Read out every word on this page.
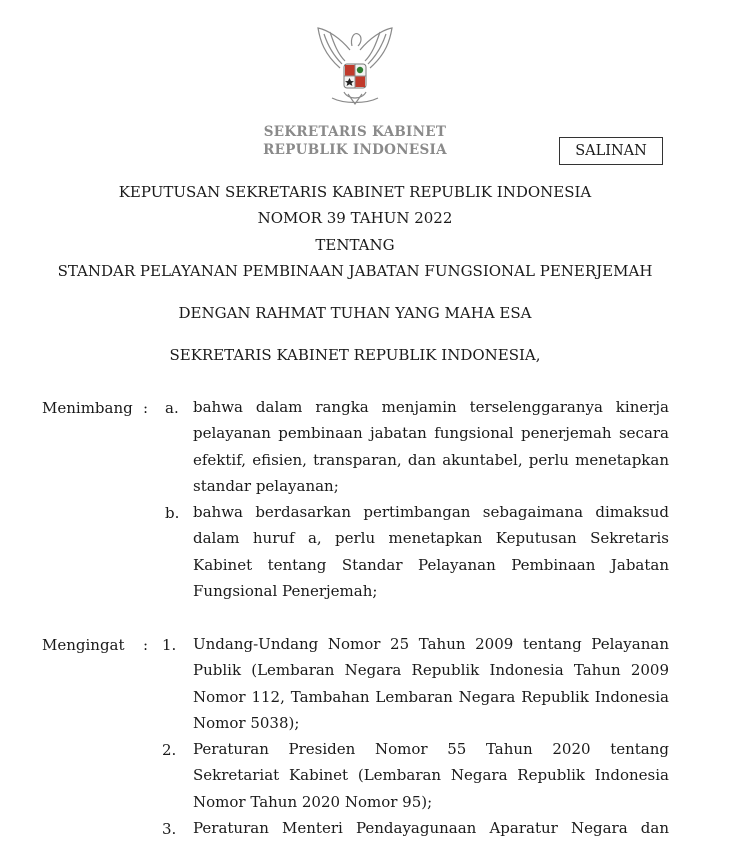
SEKRETARIS KABINET
REPUBLIK INDONESIA	SALINAN
KEPUTUSAN SEKRETARIS KABINET REPUBLIK INDONESIA
NOMOR 39 TAHUN 2022
TENTANG
STANDAR PELAYANAN PEMBINAAN JABATAN FUNGSIONAL PENERJEMAH
DENGAN RAHMAT TUHAN YANG MAHA ESA
SEKRETARIS KABINET REPUBLIK INDONESIA,
Menimbang : a. bahwa dalam rangka menjamin terselenggaranya kinerja pelayanan pembinaan jabatan fungsional penerjemah secara efektif, efisien, transparan, dan akuntabel, perlu menetapkan standar pelayanan;

b. bahwa berdasarkan pertimbangan sebagaimana dimaksud dalam huruf a, perlu menetapkan Keputusan Sekretaris Kabinet tentang Standar Pelayanan Pembinaan Jabatan Fungsional Penerjemah;

Mengingat : 1. Undang-Undang Nomor 25 Tahun 2009 tentang Pelayanan Publik (Lembaran Negara Republik Indonesia Tahun 2009 Nomor 112, Tambahan Lembaran Negara Republik Indonesia Nomor 5038);

2. Peraturan Presiden Nomor 55 Tahun 2020 tentang Sekretariat Kabinet (Lembaran Negara Republik Indonesia Nomor Tahun 2020 Nomor 95);

3. Peraturan Menteri Pendayagunaan Aparatur Negara dan
